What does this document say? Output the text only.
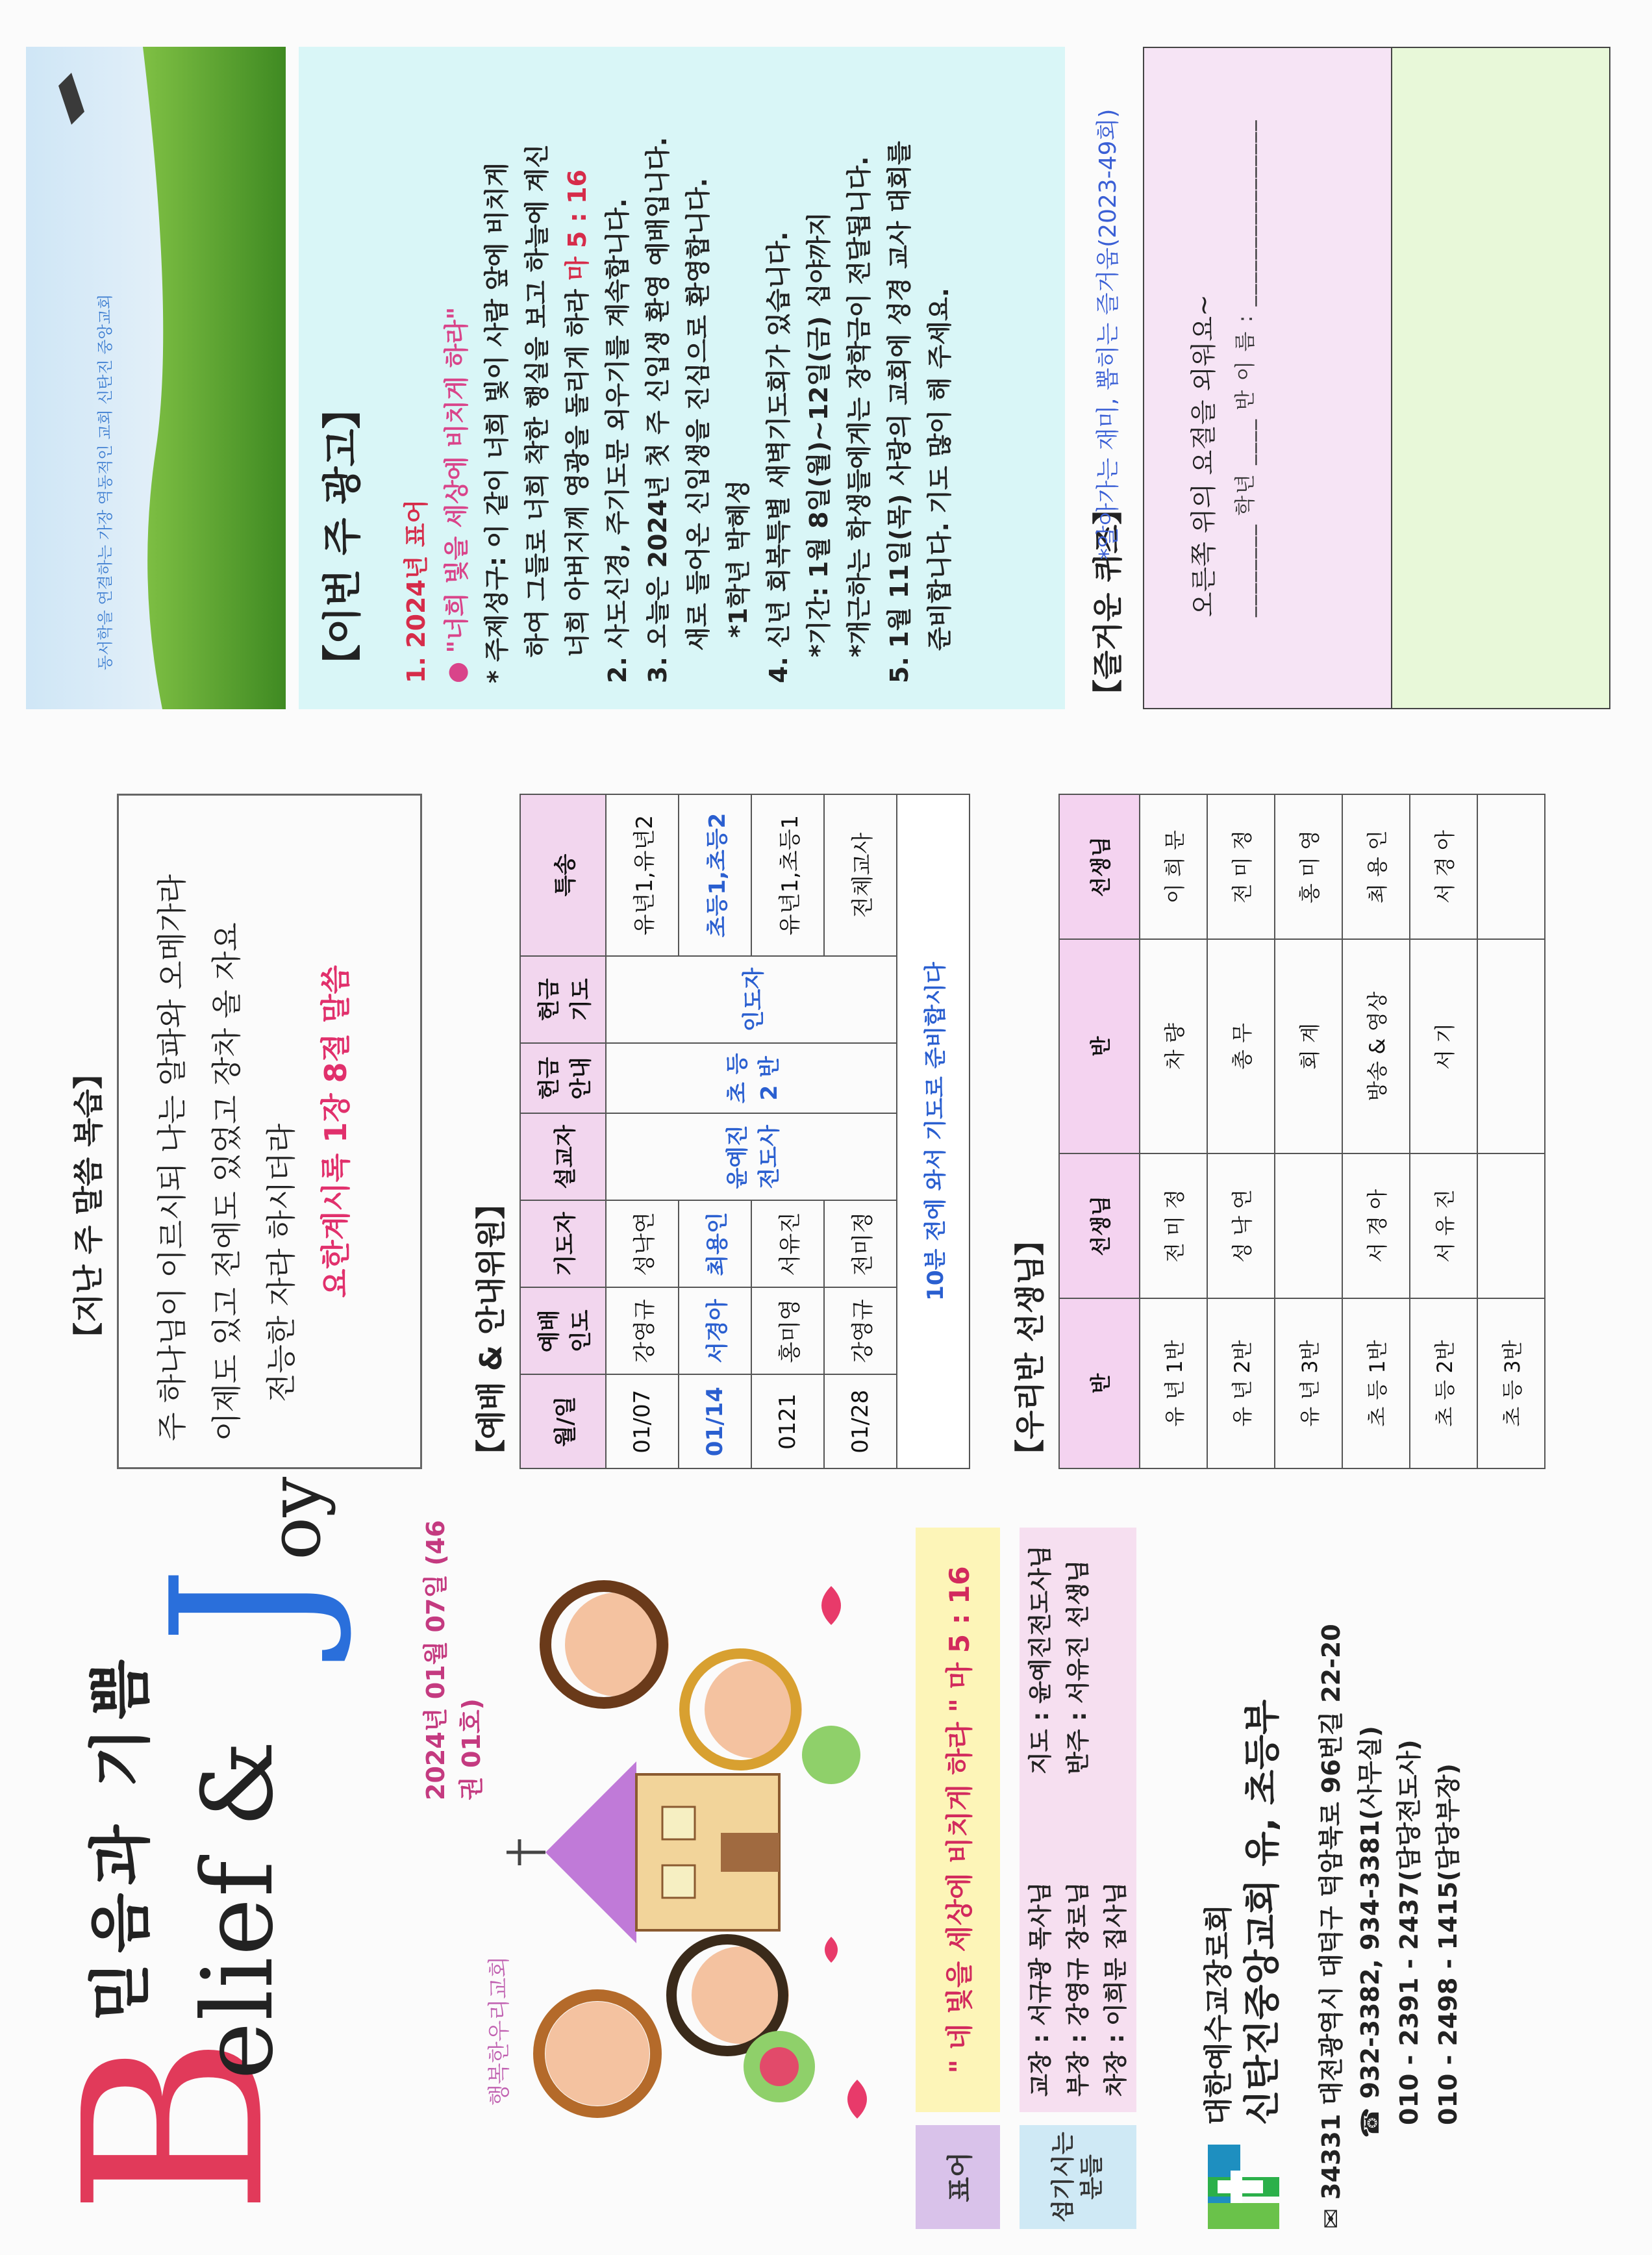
B
elief &
믿음과 기쁨
J
oy
2024년 01월 07일 (46권 01호)
행복한우리교회
표어
" 네 빛을 세상에 비치게 하라 " 마 5 : 16
섬기시는분들
교장 : 서규광 목사님
지도 : 윤예진전도사님
부장 : 강영규 장로님
반주 : 서유진 선생님
차장 : 이희문 집사님	대한예수교장로회 신탄진중앙교회 유, 초등부 ✉ 34331 대전광역시 대덕구 덕암북로 96번길 22-20 ☎ 932-3382, 934-3381(사무실) 010 - 2391 - 2437(담당전도사) 010 - 2498 - 1415(담당부장)
【지난 주 말씀 복습】	주 하나님이 이르시되 나는 알파와 오메가라 이제도 있고 전에도 있었고 장차 올 자요 전능한 자라 하시더라 요한계시록 1장 8절 말씀
【예배 & 안내위원】 월/일	예배 인도	기도자	설교자	헌금 안내	헌금 기도	특송
01/07	강영규	성낙연	윤예진 전도사	초 등 2 반	인도자	유년1,유년2
01/14	서경아	최용인				초등1,초등2
0121	홍미영	서유진				유년1,초등1
01/28	강영규	전미정				전체교사
10분 전에 와서 기도로 준비합시다						
【우리반 선생님】 반	선생님	반	선생님
유 년 1반	전 미 정	차 량	이 희 문
유 년 2반	성 낙 연	총 무	전 미 정
유 년 3반		회 계	홍 미 영
초 등 1반	서 경 아	방송 & 영상	최 용 인
초 등 2반	서 유 진	서 기	서 경 아
초 등 3반			
동서학을 연결하는 가장 역동적인 교회 신탄진 중앙교회	【이번 주 광고】 1. 2024년 표어 ● "너희 빛을 세상에 비치게 하라" * 주제성구: 이 같이 너희 빛이 사람 앞에 비치게 하여 그들로 너희 착한 행실을 보고 하늘에 계신 너희 아버지께 영광을 돌리게 하라 마 5 : 16 2. 사도신경, 주기도문 외우기를 계속합니다. 3. 오늘은 2024년 첫 주 신입생 환영 예배입니다. 새로 들어온 신입생을 진심으로 환영합니다. *1학년 박혜성 4. 신년 회복특별 새벽기도회가 있습니다. *기간: 1월 8일(월)~12일(금) 십야까지 *개근하는 학생들에게는 장학금이 전달됩니다. 5. 1월 11일(목) 사랑의 교회에 성경 교사 대회를 준비합니다. 기도 많이 해 주세요.	【즐거운 퀴즈】
*알아가는 재미, 뽑히는 즐거움(2023-49회)	오른쪽 위의 요절을 외워요~ ________ 학년 ____ 반 이 름 : ________________
